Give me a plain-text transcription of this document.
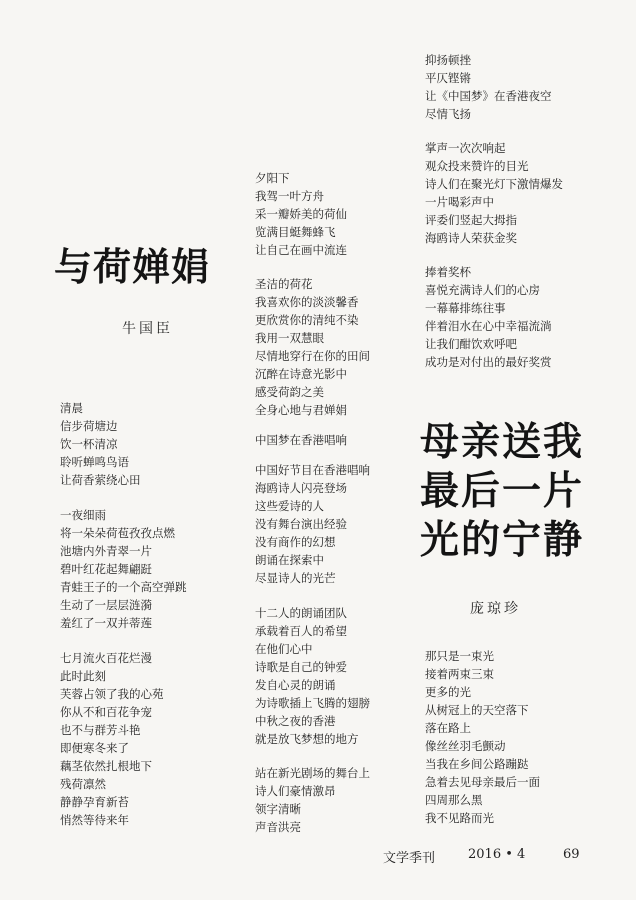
与荷婵娟
牛国臣
母亲送我
最后一片
光的宁静
庞琼珍
清晨
信步荷塘边
饮一杯清凉
聆听蝉鸣鸟语
让荷香萦绕心田
一夜细雨
将一朵朵荷苞孜孜点燃
池塘内外青翠一片
碧叶红花起舞翩跹
青蛙王子的一个高空弹跳
生动了一层层涟漪
羞红了一双并蒂莲
七月流火百花烂漫
此时此刻
芙蓉占领了我的心苑
你从不和百花争宠
也不与群芳斗艳
即便寒冬来了
藕茎依然扎根地下
残荷凛然
静静孕育新苔
悄然等待来年
夕阳下
我驾一叶方舟
采一瓣娇美的荷仙
览满目蜓舞蜂飞
让自己在画中流连
圣洁的荷花
我喜欢你的淡淡馨香
更欣赏你的清纯不染
我用一双慧眼
尽情地穿行在你的田间
沉醉在诗意光影中
感受荷韵之美
全身心地与君婵娟
中国梦在香港唱响
中国好节目在香港唱响
海鸥诗人闪亮登场
这些爱诗的人
没有舞台演出经验
没有商作的幻想
朗诵在探索中
尽显诗人的光芒
十二人的朗诵团队
承载着百人的希望
在他们心中
诗歌是自己的钟爱
发自心灵的朗诵
为诗歌插上飞腾的翅膀
中秋之夜的香港
就是放飞梦想的地方
站在新光剧场的舞台上
诗人们豪情激昂
领字清晰
声音洪亮
抑扬顿挫
平仄铿锵
让《中国梦》在香港夜空
尽情飞扬
掌声一次次响起
观众投来赞许的目光
诗人们在聚光灯下激情爆发
一片喝彩声中
评委们竖起大拇指
海鸥诗人荣获金奖
捧着奖杯
喜悦充满诗人们的心房
一幕幕排练往事
伴着泪水在心中幸福流淌
让我们酣饮欢呼吧
成功是对付出的最好奖赏
那只是一束光
接着两束三束
更多的光
从树冠上的天空落下
落在路上
像丝丝羽毛颤动
当我在乡间公路蹦跶
急着去见母亲最后一面
四周那么黑
我不见路而光
文学季刊	2016 • 4	69
